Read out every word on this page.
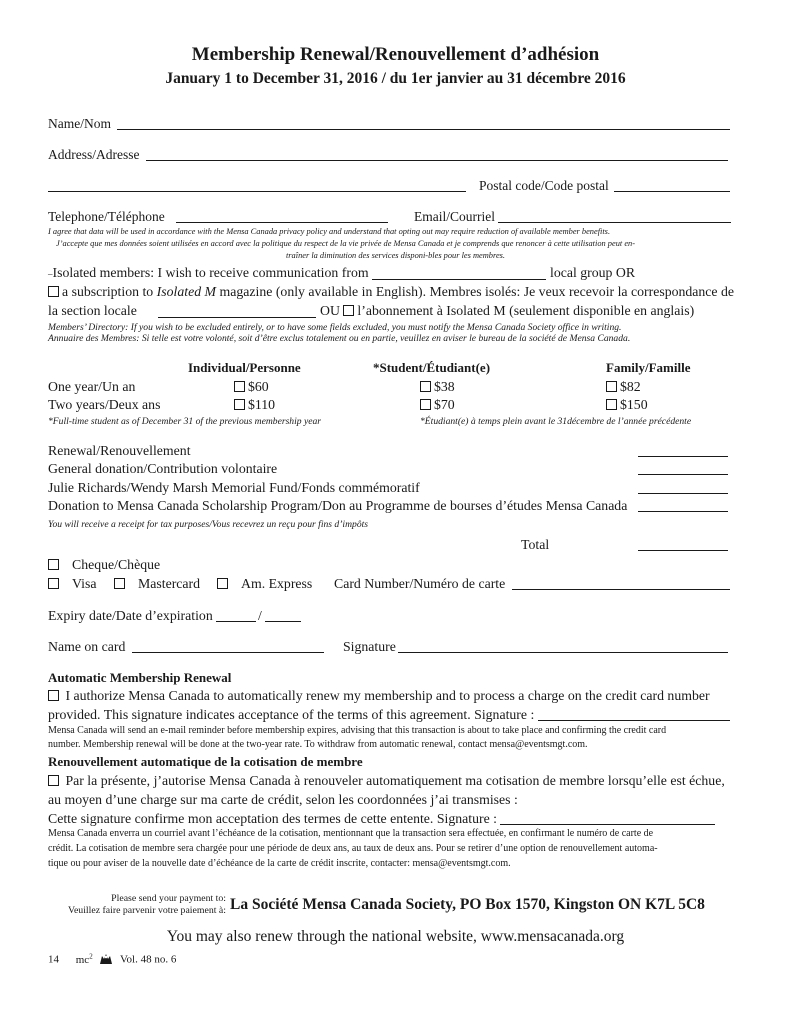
Membership Renewal/Renouvellement d’adhésion
January 1 to December 31, 2016 / du 1er janvier au 31 décembre 2016
Name/Nom
Address/Adresse
Postal code/Code postal
Telephone/Téléphone	Email/Courriel
I agree that data will be used in accordance with the Mensa Canada privacy policy and understand that opting out may require reduction of available member benefits.
J’accepte que mes données soient utilisées en accord avec la politique du respect de la vie privée de Mensa Canada et je comprends que renoncer à cette utilisation peut en-
traîner la diminution des services disponi-bles pour les membres.
–Isolated members: I wish to receive communication from	local group OR
a subscription to Isolated M magazine (only available in English). Membres isolés: Je veux recevoir la correspondance de
la section locale	OU l’abonnement à Isolated M (seulement disponible en anglais)
Members’ Directory: If you wish to be excluded entirely, or to have some fields excluded, you must notify the Mensa Canada Society office in writing.
Annuaire des Membres: Si telle est votre volonté, soit d’être exclus totalement ou en partie, veuillez en aviser le bureau de la société de Mensa Canada.
Individual/Personne	*Student/Étudiant(e)	Family/Famille
One year/Un an	$60	$38	$82
Two years/Deux ans	$110	$70	$150
*Full-time student as of December 31 of the previous membership year	*Étudiant(e) à temps plein avant le 31décembre de l’année précédente
Renewal/Renouvellement
General donation/Contribution volontaire
Julie Richards/Wendy Marsh Memorial Fund/Fonds commémoratif
Donation to Mensa Canada Scholarship Program/Don au Programme de bourses d’études Mensa Canada
You will receive a receipt for tax purposes/Vous recevrez un reçu pour fins d’impôts
Total
Cheque/Chèque
Visa	Mastercard	Am. Express Card Number/Numéro de carte
Expiry date/Date d’expiration	/
Name on card	Signature
Automatic Membership Renewal
I authorize Mensa Canada to automatically renew my membership and to process a charge on the credit card number
provided. This signature indicates acceptance of the terms of this agreement. Signature :
Mensa Canada will send an e-mail reminder before membership expires, advising that this transaction is about to take place and confirming the credit card
number. Membership renewal will be done at the two-year rate. To withdraw from automatic renewal, contact mensa@eventsmgt.com.
Renouvellement automatique de la cotisation de membre
Par la présente, j’autorise Mensa Canada à renouveler automatiquement ma cotisation de membre lorsqu’elle est échue,
au moyen d’une charge sur ma carte de crédit, selon les coordonnées j’ai transmises :
Cette signature confirme mon acceptation des termes de cette entente. Signature :
Mensa Canada enverra un courriel avant l’échéance de la cotisation, mentionnant que la transaction sera effectuée, en confirmant le numéro de carte de
crédit. La cotisation de membre sera chargée pour une période de deux ans, au taux de deux ans. Pour se retirer d’une option de renouvellement automa-
tique ou pour aviser de la nouvelle date d’échéance de la carte de crédit inscrite, contacter: mensa@eventsmgt.com.
Please send your payment to:
Veuillez faire parvenir votre paiement à: La Société Mensa Canada Society, PO Box 1570, Kingston ON K7L 5C8
You may also renew through the national website, www.mensacanada.org
14 $mc^2$ Vol. 48 no. 6
